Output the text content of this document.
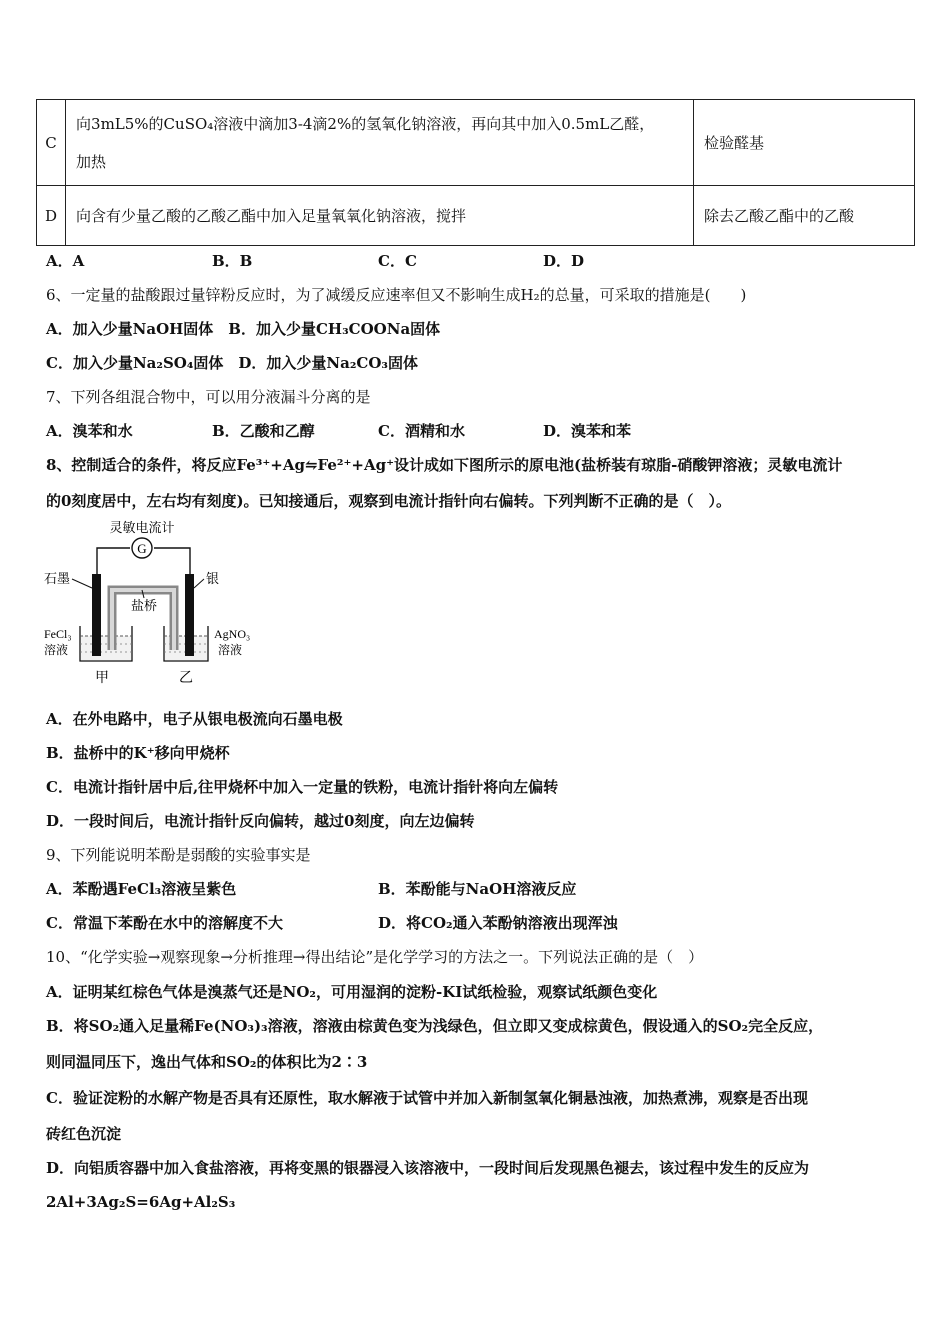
C	向3mL5%的CuSO₄溶液中滴加3-4滴2%的氢氧化钠溶液，再向其中加入0.5mL乙醛，
加热	检验醛基
D	向含有少量乙酸的乙酸乙酯中加入足量氧氧化钠溶液，搅拌	除去乙酸乙酯中的乙酸
A．A	B．B	C．C	D．D
6、一定量的盐酸跟过量锌粉反应时，为了减缓反应速率但又不影响生成H₂的总量，可采取的措施是(　　)
A．加入少量NaOH固体　B．加入少量CH₃COONa固体
C．加入少量Na₂SO₄固体　D．加入少量Na₂CO₃固体
7、下列各组混合物中，可以用分液漏斗分离的是
A．溴苯和水	B．乙酸和乙醇	C．酒精和水	D．溴苯和苯
8、控制适合的条件，将反应Fe³⁺+Ag⇋Fe²⁺+Ag⁺设计成如下图所示的原电池(盐桥装有琼脂-硝酸钾溶液；灵敏电流计
的0刻度居中，左右均有刻度)。已知接通后，观察到电流计指针向右偏转。下列判断不正确的是（　）。
G
灵敏电流计
盐桥
石墨	银
FeCl₃
溶液
AgNO₃
溶液
甲	乙
A．在外电路中，电子从银电极流向石墨电极
B．盐桥中的K⁺移向甲烧杯
C．电流计指针居中后,往甲烧杯中加入一定量的铁粉，电流计指针将向左偏转
D．一段时间后，电流计指针反向偏转，越过0刻度，向左边偏转
9、下列能说明苯酚是弱酸的实验事实是
A．苯酚遇FeCl₃溶液呈紫色	B．苯酚能与NaOH溶液反应
C．常温下苯酚在水中的溶解度不大	D．将CO₂通入苯酚钠溶液出现浑浊
10、“化学实验→观察现象→分析推理→得出结论”是化学学习的方法之一。下列说法正确的是（　）
A．证明某红棕色气体是溴蒸气还是NO₂，可用湿润的淀粉-KI试纸检验，观察试纸颜色变化
B．将SO₂通入足量稀Fe(NO₃)₃溶液，溶液由棕黄色变为浅绿色，但立即又变成棕黄色，假设通入的SO₂完全反应，
则同温同压下，逸出气体和SO₂的体积比为2∶3
C．验证淀粉的水解产物是否具有还原性，取水解液于试管中并加入新制氢氧化铜悬浊液，加热煮沸，观察是否出现
砖红色沉淀
D．向铝质容器中加入食盐溶液，再将变黑的银器浸入该溶液中，一段时间后发现黑色褪去，该过程中发生的反应为
2Al+3Ag₂S=6Ag+Al₂S₃
